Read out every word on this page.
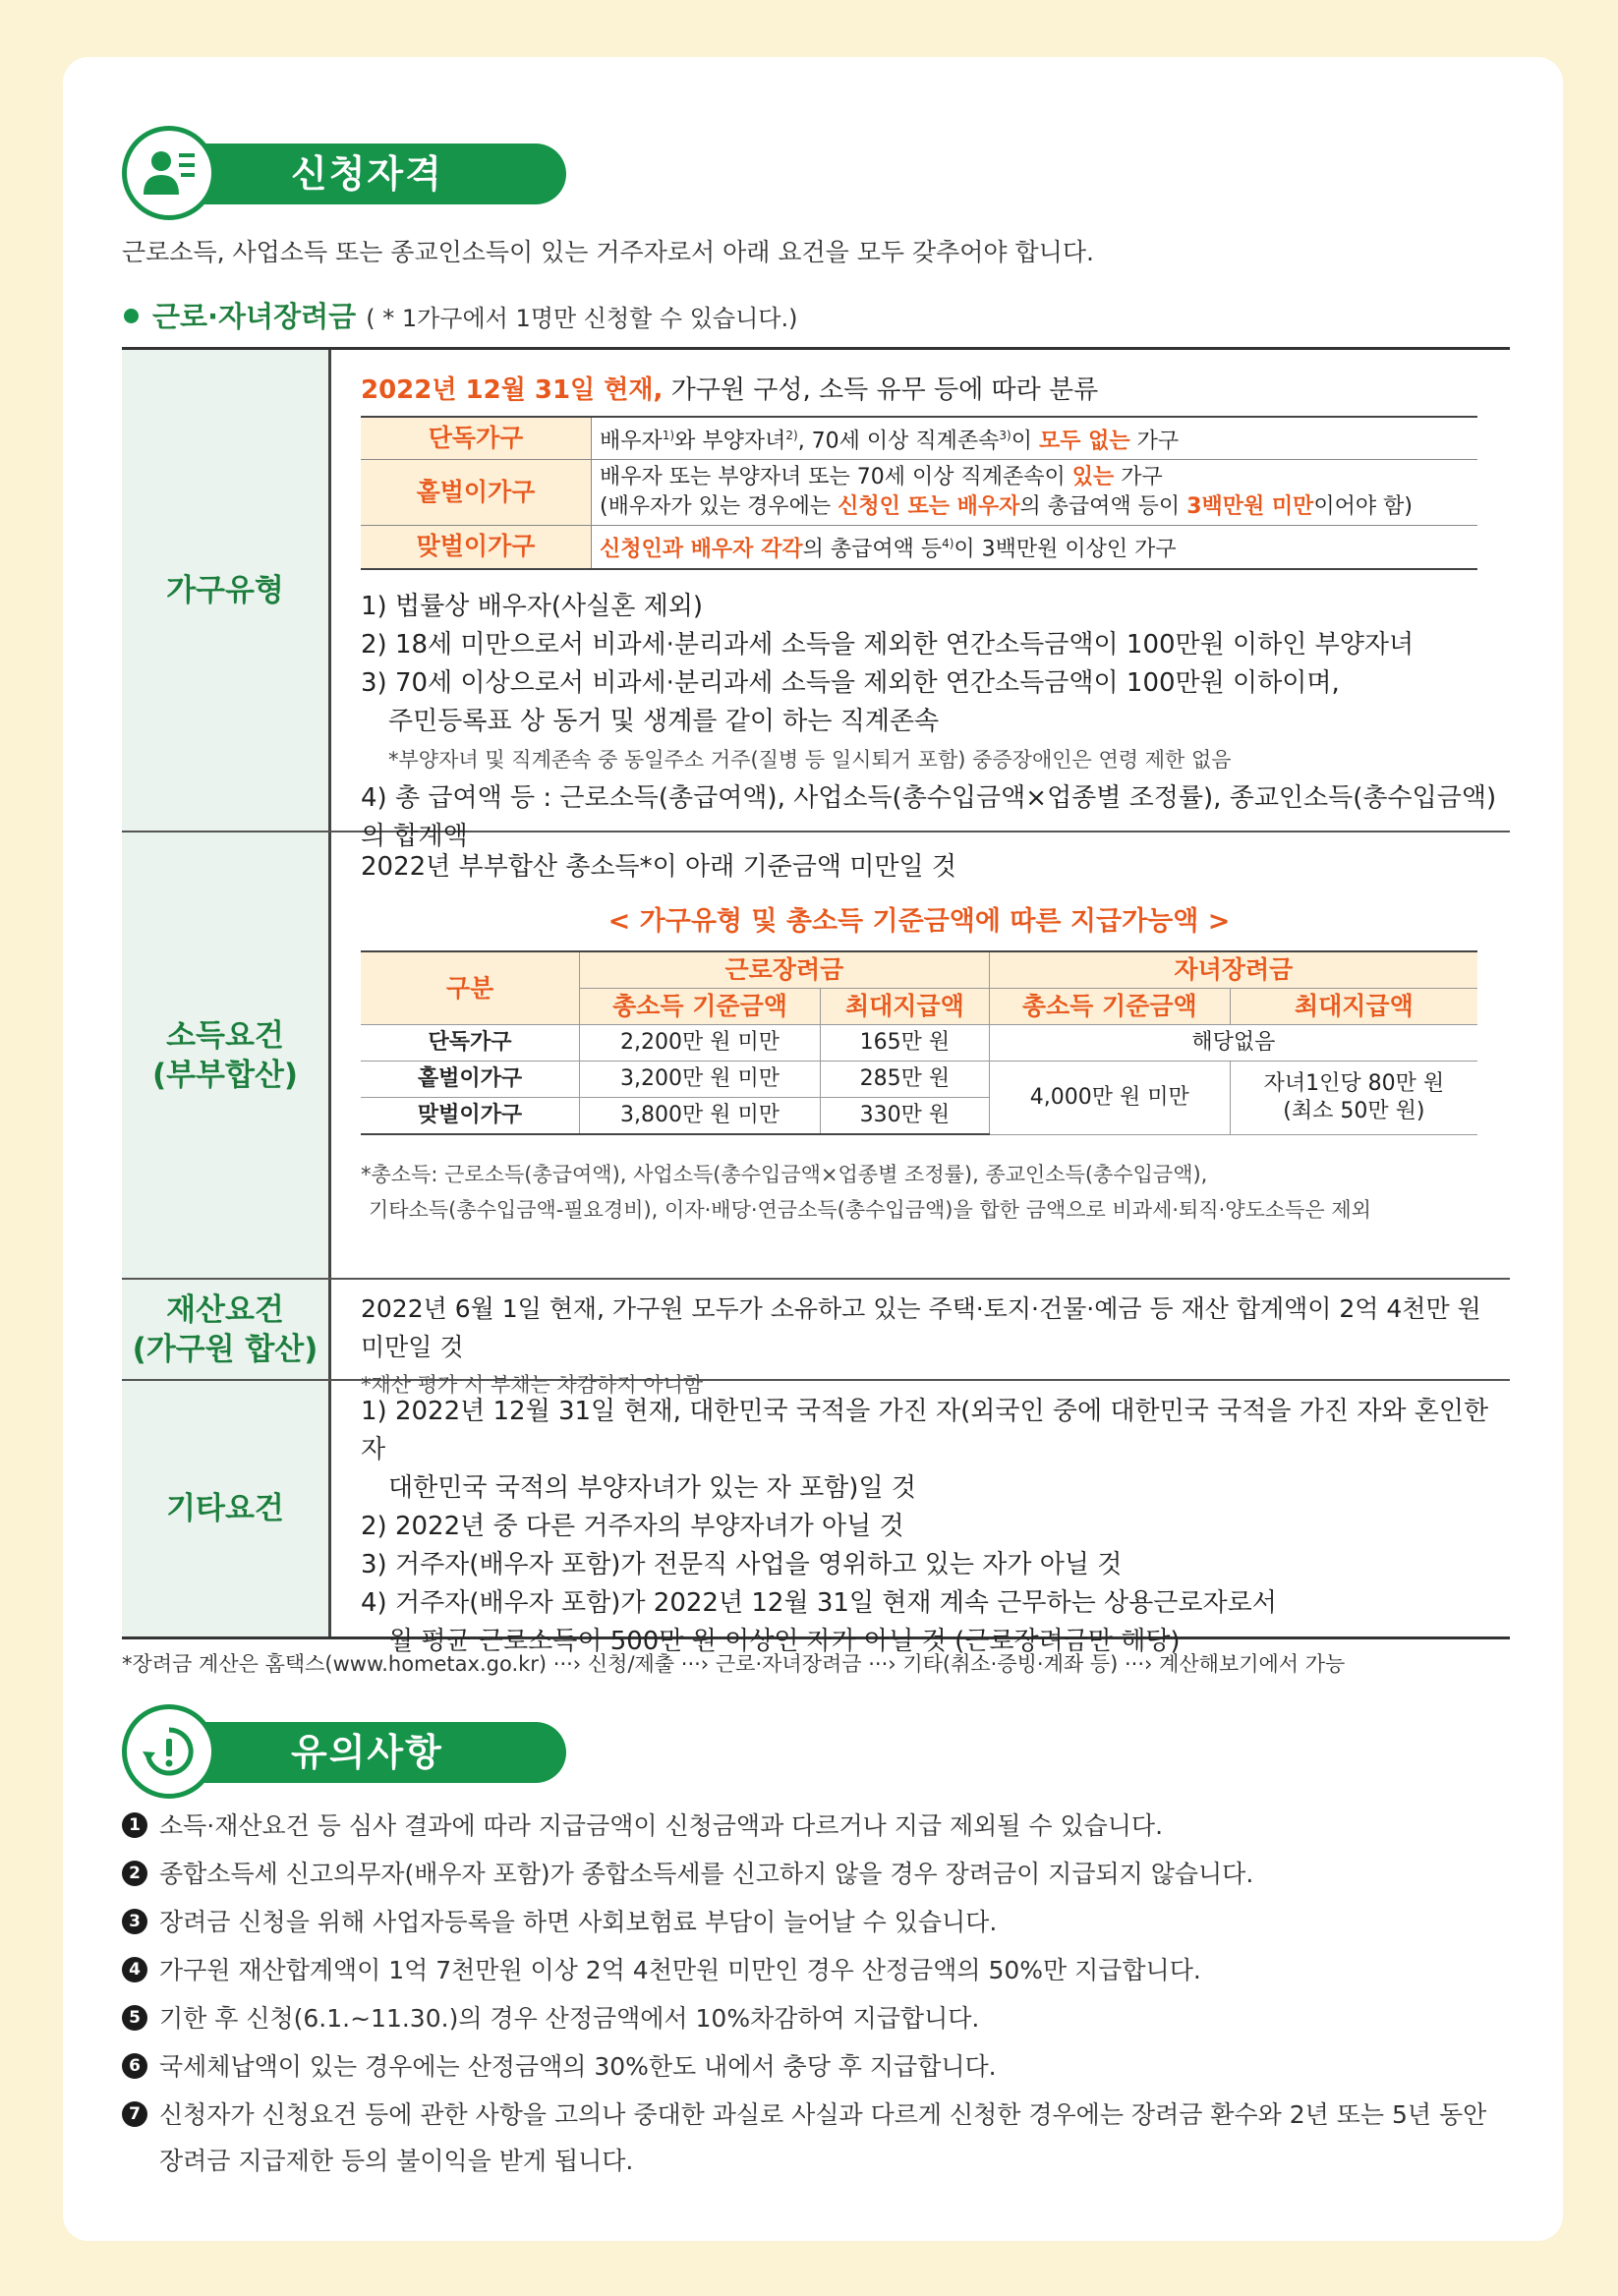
신청자격
근로소득, 사업소득 또는 종교인소득이 있는 거주자로서 아래 요건을 모두 갖추어야 합니다.
근로·자녀장려금 ( * 1가구에서 1명만 신청할 수 있습니다.)
가구유형
2022년 12월 31일 현재, 가구원 구성, 소득 유무 등에 따라 분류
단독가구	배우자$^{1)}$와 부양자녀$^{2)}$, 70세 이상 직계존속$^{3)}$이 모두 없는 가구
홑벌이가구	배우자 또는 부양자녀 또는 70세 이상 직계존속이 있는 가구
(배우자가 있는 경우에는 신청인 또는 배우자의 총급여액 등이 3백만원 미만이어야 함)

맞벌이가구	신청인과 배우자 각각의 총급여액 등$^{4)}$이 3백만원 이상인 가구
1) 법률상 배우자(사실혼 제외)
2) 18세 미만으로서 비과세·분리과세 소득을 제외한 연간소득금액이 100만원 이하인 부양자녀
3) 70세 이상으로서 비과세·분리과세 소득을 제외한 연간소득금액이 100만원 이하이며,
주민등록표 상 동거 및 생계를 같이 하는 직계존속
*부양자녀 및 직계존속 중 동일주소 거주(질병 등 일시퇴거 포함) 중증장애인은 연령 제한 없음
4) 총 급여액 등 : 근로소득(총급여액), 사업소득(총수입금액×업종별 조정률), 종교인소득(총수입금액)의 합계액
소득요건
(부부합산)
2022년 부부합산 총소득*이 아래 기준금액 미만일 것
< 가구유형 및 총소득 기준금액에 따른 지급가능액 >
구분	근로장려금		자녀장려금	
	총소득 기준금액	최대지급액	총소득 기준금액	최대지급액
단독가구	2,200만 원 미만	165만 원	해당없음	
홑벌이가구	3,200만 원 미만	285만 원	4,000만 원 미만	자녀1인당 80만 원
(최소 50만 원)

맞벌이가구	3,800만 원 미만	330만 원		
*총소득: 근로소득(총급여액), 사업소득(총수입금액×업종별 조정률), 종교인소득(총수입금액),
기타소득(총수입금액-필요경비), 이자·배당·연금소득(총수입금액)을 합한 금액으로 비과세·퇴직·양도소득은 제외
재산요건
(가구원 합산)
2022년 6월 1일 현재, 가구원 모두가 소유하고 있는 주택·토지·건물·예금 등 재산 합계액이 2억 4천만 원 미만일 것
*재산 평가 시 부채는 차감하지 아니함
기타요건
1) 2022년 12월 31일 현재, 대한민국 국적을 가진 자(외국인 중에 대한민국 국적을 가진 자와 혼인한 자
대한민국 국적의 부양자녀가 있는 자 포함)일 것
2) 2022년 중 다른 거주자의 부양자녀가 아닐 것
3) 거주자(배우자 포함)가 전문직 사업을 영위하고 있는 자가 아닐 것
4) 거주자(배우자 포함)가 2022년 12월 31일 현재 계속 근무하는 상용근로자로서
월 평균 근로소득이 500만 원 이상인 자가 아닐 것 (근로장려금만 해당)
*장려금 계산은 홈택스(www.hometax.go.kr) ···› 신청/제출 ···› 근로·자녀장려금 ···› 기타(취소·증빙·계좌 등) ···› 계산해보기에서 가능
유의사항
1 소득·재산요건 등 심사 결과에 따라 지급금액이 신청금액과 다르거나 지급 제외될 수 있습니다.
2 종합소득세 신고의무자(배우자 포함)가 종합소득세를 신고하지 않을 경우 장려금이 지급되지 않습니다.
3 장려금 신청을 위해 사업자등록을 하면 사회보험료 부담이 늘어날 수 있습니다.
4 가구원 재산합계액이 1억 7천만원 이상 2억 4천만원 미만인 경우 산정금액의 50%만 지급합니다.
5 기한 후 신청(6.1.~11.30.)의 경우 산정금액에서 10%차감하여 지급합니다.
6 국세체납액이 있는 경우에는 산정금액의 30%한도 내에서 충당 후 지급합니다.
7 신청자가 신청요건 등에 관한 사항을 고의나 중대한 과실로 사실과 다르게 신청한 경우에는 장려금 환수와 2년 또는 5년 동안
장려금 지급제한 등의 불이익을 받게 됩니다.
